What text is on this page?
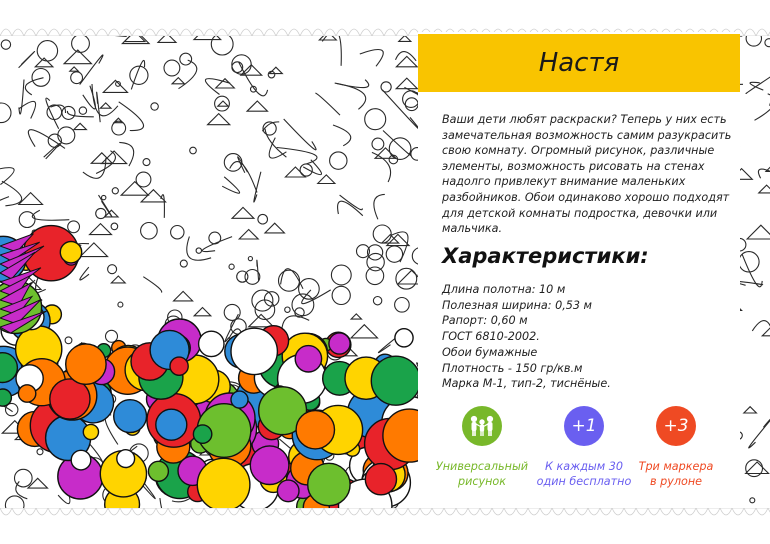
Настя

Ваши дети любят раскраски? Теперь у них есть замечательная возможность самим разукрасить свою комнату. Огромный рисунок, различные элементы, возможность рисовать на стенах надолго привлекут внимание маленьких разбойников. Обои одинаково хорошо подходят для детской комнаты подростка, девочки или мальчика.

Характеристики:
Длина полотна: 10 м
Полезная ширина: 0,53 м
Рапорт: 0,60 м
ГОСТ 6810-2002.
Обои бумажные
Плотность - 150 гр/кв.м
Марка М-1, тип-2, тиснёные.
Универсальный
рисунок
+1
К каждым 30
один бесплатно
+3
Три маркера
в рулоне
